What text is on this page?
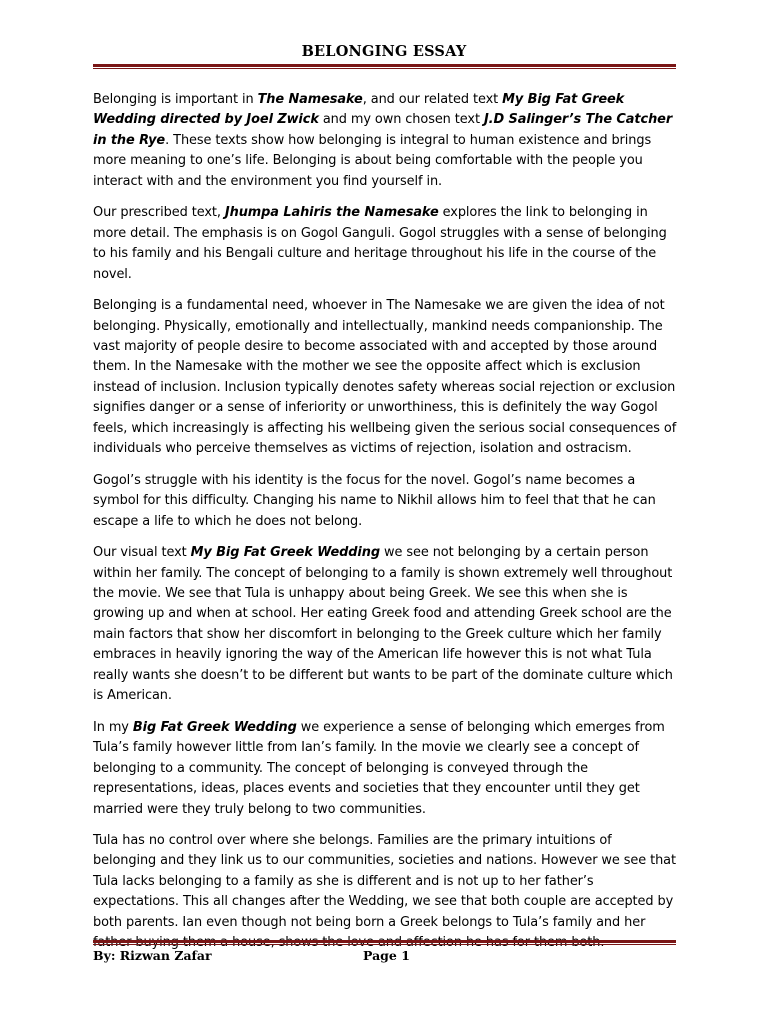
BELONGING ESSAY

Belonging is important in The Namesake, and our related text My Big Fat Greek Wedding directed by Joel Zwick and my own chosen text J.D Salinger’s The Catcher in the Rye. These texts show how belonging is integral to human existence and brings more meaning to one’s life. Belonging is about being comfortable with the people you interact with and the environment you find yourself in.

Our prescribed text, Jhumpa Lahiris the Namesake explores the link to belonging in more detail. The emphasis is on Gogol Ganguli. Gogol struggles with a sense of belonging to his family and his Bengali culture and heritage throughout his life in the course of the novel.

Belonging is a fundamental need, whoever in The Namesake we are given the idea of not belonging. Physically, emotionally and intellectually, mankind needs companionship. The vast majority of people desire to become associated with and accepted by those around them. In the Namesake with the mother we see the opposite affect which is exclusion instead of inclusion. Inclusion typically denotes safety whereas social rejection or exclusion signifies danger or a sense of inferiority or unworthiness, this is definitely the way Gogol feels, which increasingly is affecting his wellbeing given the serious social consequences of individuals who perceive themselves as victims of rejection, isolation and ostracism.

Gogol’s struggle with his identity is the focus for the novel. Gogol’s name becomes a symbol for this difficulty. Changing his name to Nikhil allows him to feel that that he can escape a life to which he does not belong.

Our visual text My Big Fat Greek Wedding we see not belonging by a certain person within her family. The concept of belonging to a family is shown extremely well throughout the movie. We see that Tula is unhappy about being Greek. We see this when she is growing up and when at school. Her eating Greek food and attending Greek school are the main factors that show her discomfort in belonging to the Greek culture which her family embraces in heavily ignoring the way of the American life however this is not what Tula really wants she doesn’t to be different but wants to be part of the dominate culture which is American.

In my Big Fat Greek Wedding we experience a sense of belonging which emerges from Tula’s family however little from Ian’s family. In the movie we clearly see a concept of belonging to a community. The concept of belonging is conveyed through the representations, ideas, places events and societies that they encounter until they get married were they truly belong to two communities.

Tula has no control over where she belongs. Families are the primary intuitions of belonging and they link us to our communities, societies and nations. However we see that Tula lacks belonging to a family as she is different and is not up to her father’s expectations. This all changes after the Wedding, we see that both couple are accepted by both parents. Ian even though not being born a Greek belongs to Tula’s family and her

By: Rizwan Zafar	Page 1
